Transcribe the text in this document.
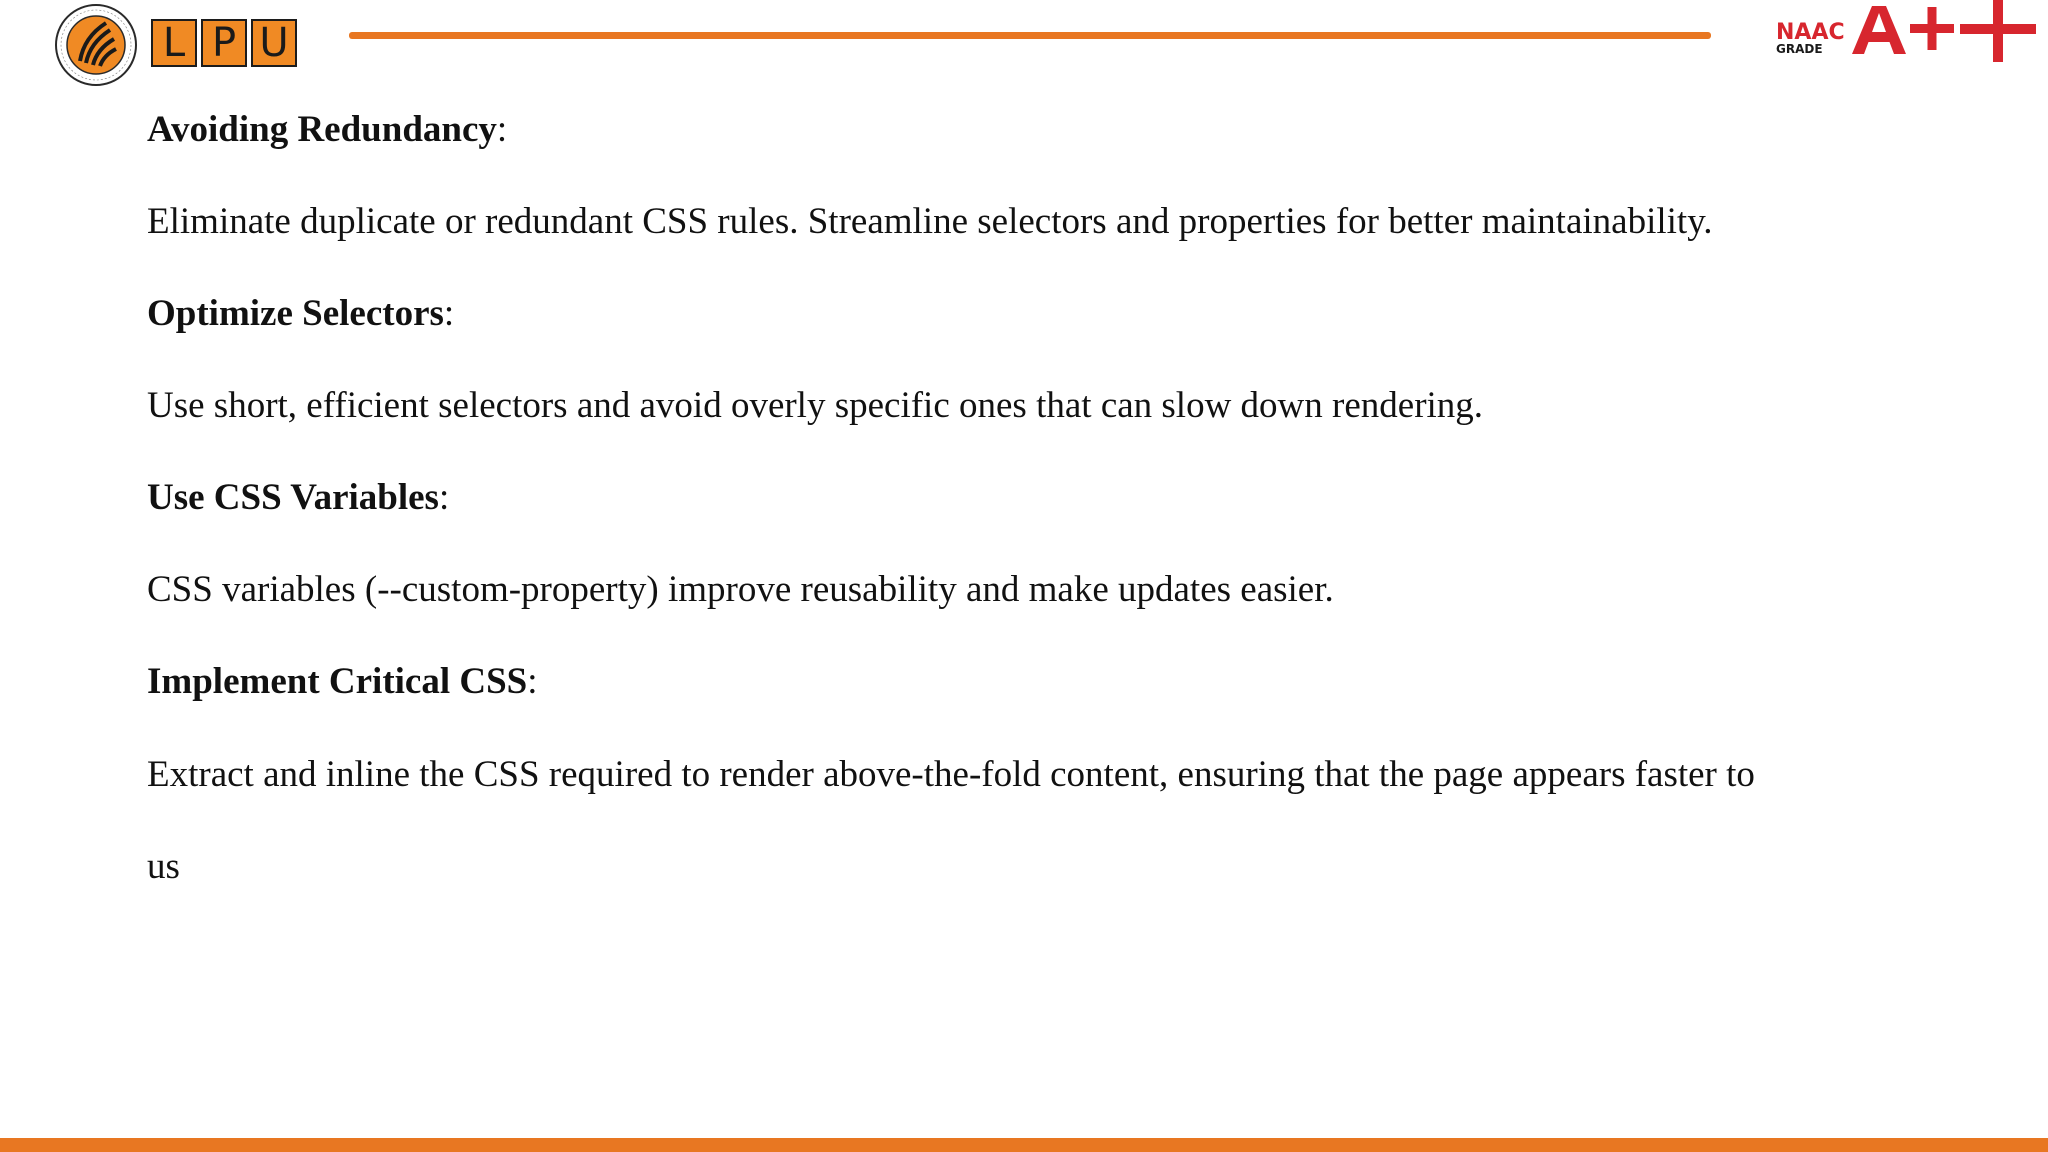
L P U	NAAC
GRADE
Avoiding Redundancy:
Eliminate duplicate or redundant CSS rules. Streamline selectors and properties for better maintainability.
Optimize Selectors:
Use short, efficient selectors and avoid overly specific ones that can slow down rendering.
Use CSS Variables:
CSS variables (--custom-property) improve reusability and make updates easier.
Implement Critical CSS:
Extract and inline the CSS required to render above-the-fold content, ensuring that the page appears faster to
us
